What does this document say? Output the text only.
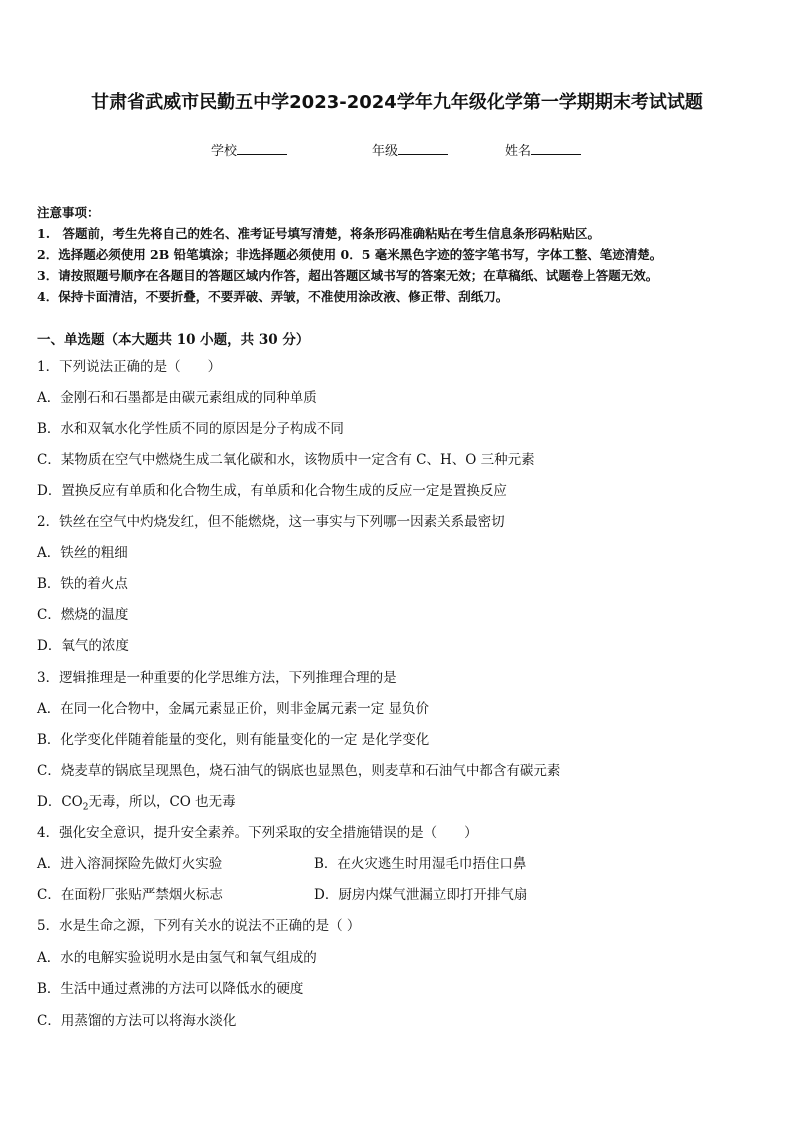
甘肃省武威市民勤五中学2023-2024学年九年级化学第一学期期末考试试题
学校	年级	姓名
注意事项：
1.　答题前，考生先将自己的姓名、准考证号填写清楚，将条形码准确粘贴在考生信息条形码粘贴区。
2．选择题必须使用 2B 铅笔填涂；非选择题必须使用 0．5 毫米黑色字迹的签字笔书写，字体工整、笔迹清楚。
3．请按照题号顺序在各题目的答题区域内作答，超出答题区域书写的答案无效；在草稿纸、试题卷上答题无效。
4．保持卡面清洁，不要折叠，不要弄破、弄皱，不准使用涂改液、修正带、刮纸刀。
一、单选题（本大题共 10 小题，共 30 分）
1．下列说法正确的是（　　）
A．金刚石和石墨都是由碳元素组成的同种单质
B．水和双氧水化学性质不同的原因是分子构成不同
C．某物质在空气中燃烧生成二氧化碳和水，该物质中一定含有 C、H、O 三种元素
D．置换反应有单质和化合物生成，有单质和化合物生成的反应一定是置换反应
2．铁丝在空气中灼烧发红，但不能燃烧，这一事实与下列哪一因素关系最密切
A．铁丝的粗细
B．铁的着火点
C．燃烧的温度
D．氧气的浓度
3．逻辑推理是一种重要的化学思维方法，下列推理合理的是
A．在同一化合物中，金属元素显正价，则非金属元素一定 显负价
B．化学变化伴随着能量的变化，则有能量变化的一定 是化学变化
C．烧麦草的锅底呈现黑色，烧石油气的锅底也显黑色，则麦草和石油气中都含有碳元素
D．$CO_2$无毒，所以，CO 也无毒
4．强化安全意识，提升安全素养。下列采取的安全措施错误的是（　　）
A．进入溶洞探险先做灯火实验	B．在火灾逃生时用湿毛巾捂住口鼻
C．在面粉厂张贴严禁烟火标志	D．厨房内煤气泄漏立即打开排气扇
5．水是生命之源，下列有关水的说法不正确的是（ ）
A．水的电解实验说明水是由氢气和氧气组成的
B．生活中通过煮沸的方法可以降低水的硬度
C．用蒸馏的方法可以将海水淡化
